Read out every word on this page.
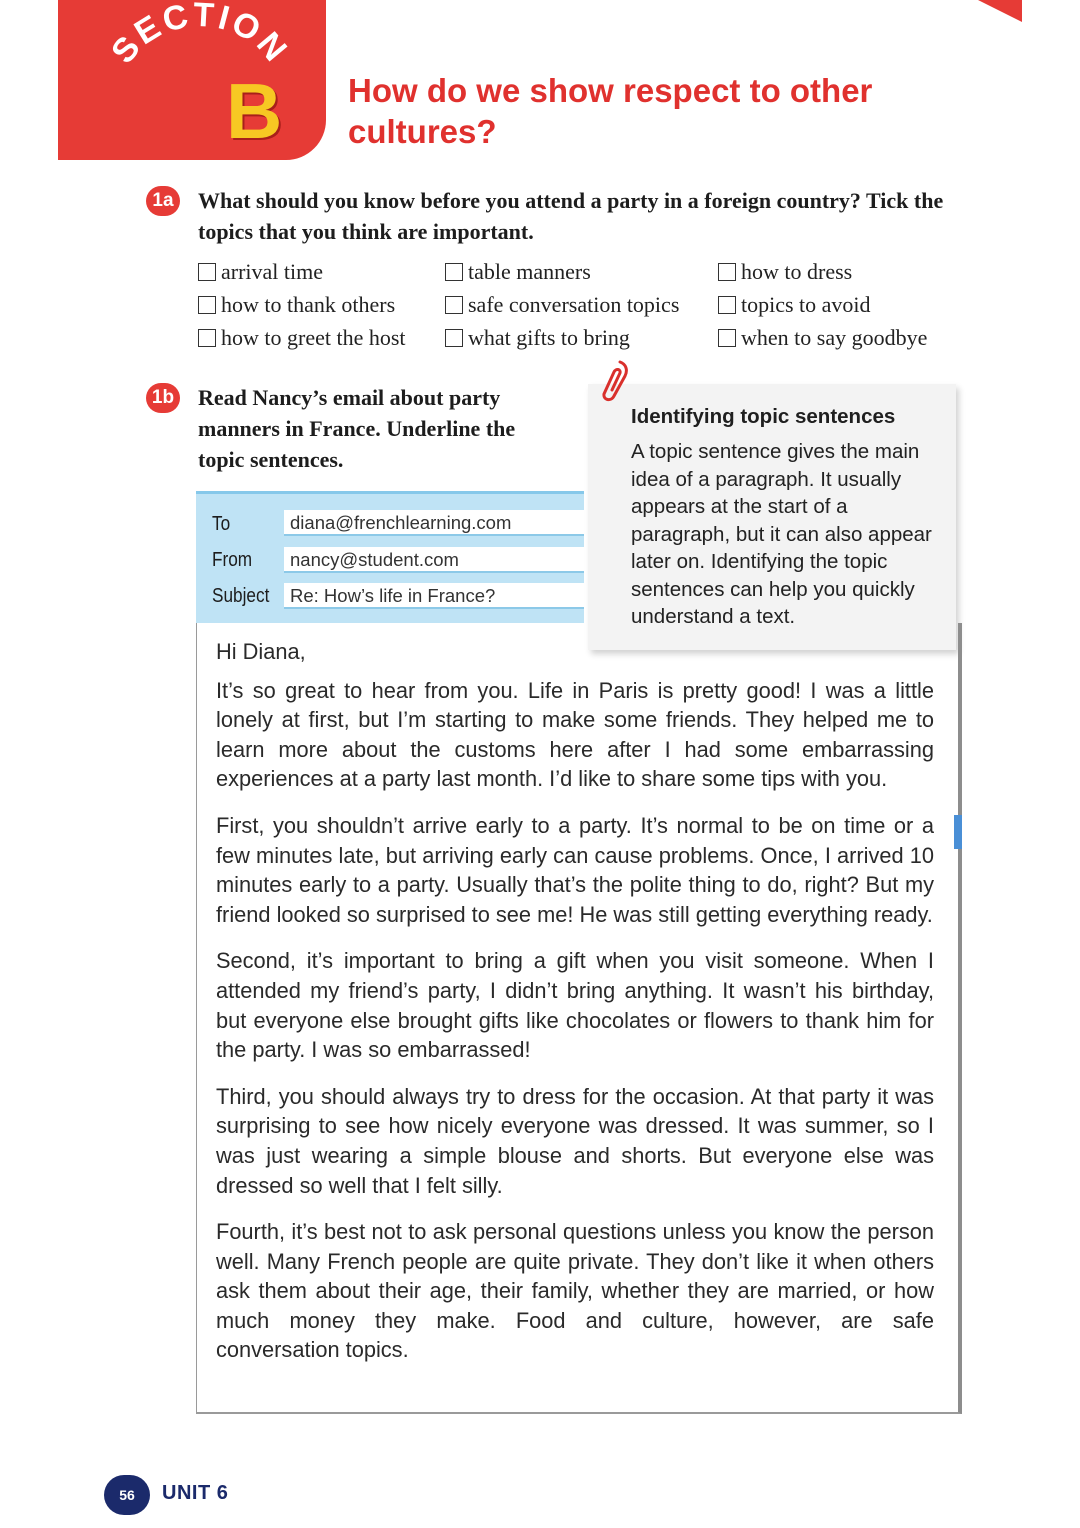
SECTION
B How do we show respect to other cultures?
1a What should you know before you attend a party in a foreign country? Tick the topics that you think are important.
arrival time	table manners	how to dress
how to thank others	safe conversation topics	topics to avoid
how to greet the host	what gifts to bring	when to say goodbye
1b Read Nancy’s email about party manners in France. Underline the topic sentences.
Identifying topic sentences
A topic sentence gives the main idea of a paragraph. It usually appears at the start of a paragraph, but it can also appear later on. Identifying the topic sentences can help you quickly understand a text.
To	diana@frenchlearning.com
From	nancy@student.com
Subject	Re: How’s life in France?
Hi Diana,
It’s so great to hear from you. Life in Paris is pretty good! I was a little lonely at first, but I’m starting to make some friends. They helped me to learn more about the customs here after I had some embarrassing experiences at a party last month. I’d like to share some tips with you.
First, you shouldn’t arrive early to a party. It’s normal to be on time or a few minutes late, but arriving early can cause problems. Once, I arrived 10 minutes early to a party. Usually that’s the polite thing to do, right? But my friend looked so surprised to see me! He was still getting everything ready.
Second, it’s important to bring a gift when you visit someone. When I attended my friend’s party, I didn’t bring anything. It wasn’t his birthday, but everyone else brought gifts like chocolates or flowers to thank him for the party. I was so embarrassed!
Third, you should always try to dress for the occasion. At that party it was surprising to see how nicely everyone was dressed. It was summer, so I was just wearing a simple blouse and shorts. But everyone else was dressed so well that I felt silly.
Fourth, it’s best not to ask personal questions unless you know the person well. Many French people are quite private. They don’t like it when others ask them about their age, their family, whether they are married, or how much money they make. Food and culture, however, are safe conversation topics.
56	UNIT 6
